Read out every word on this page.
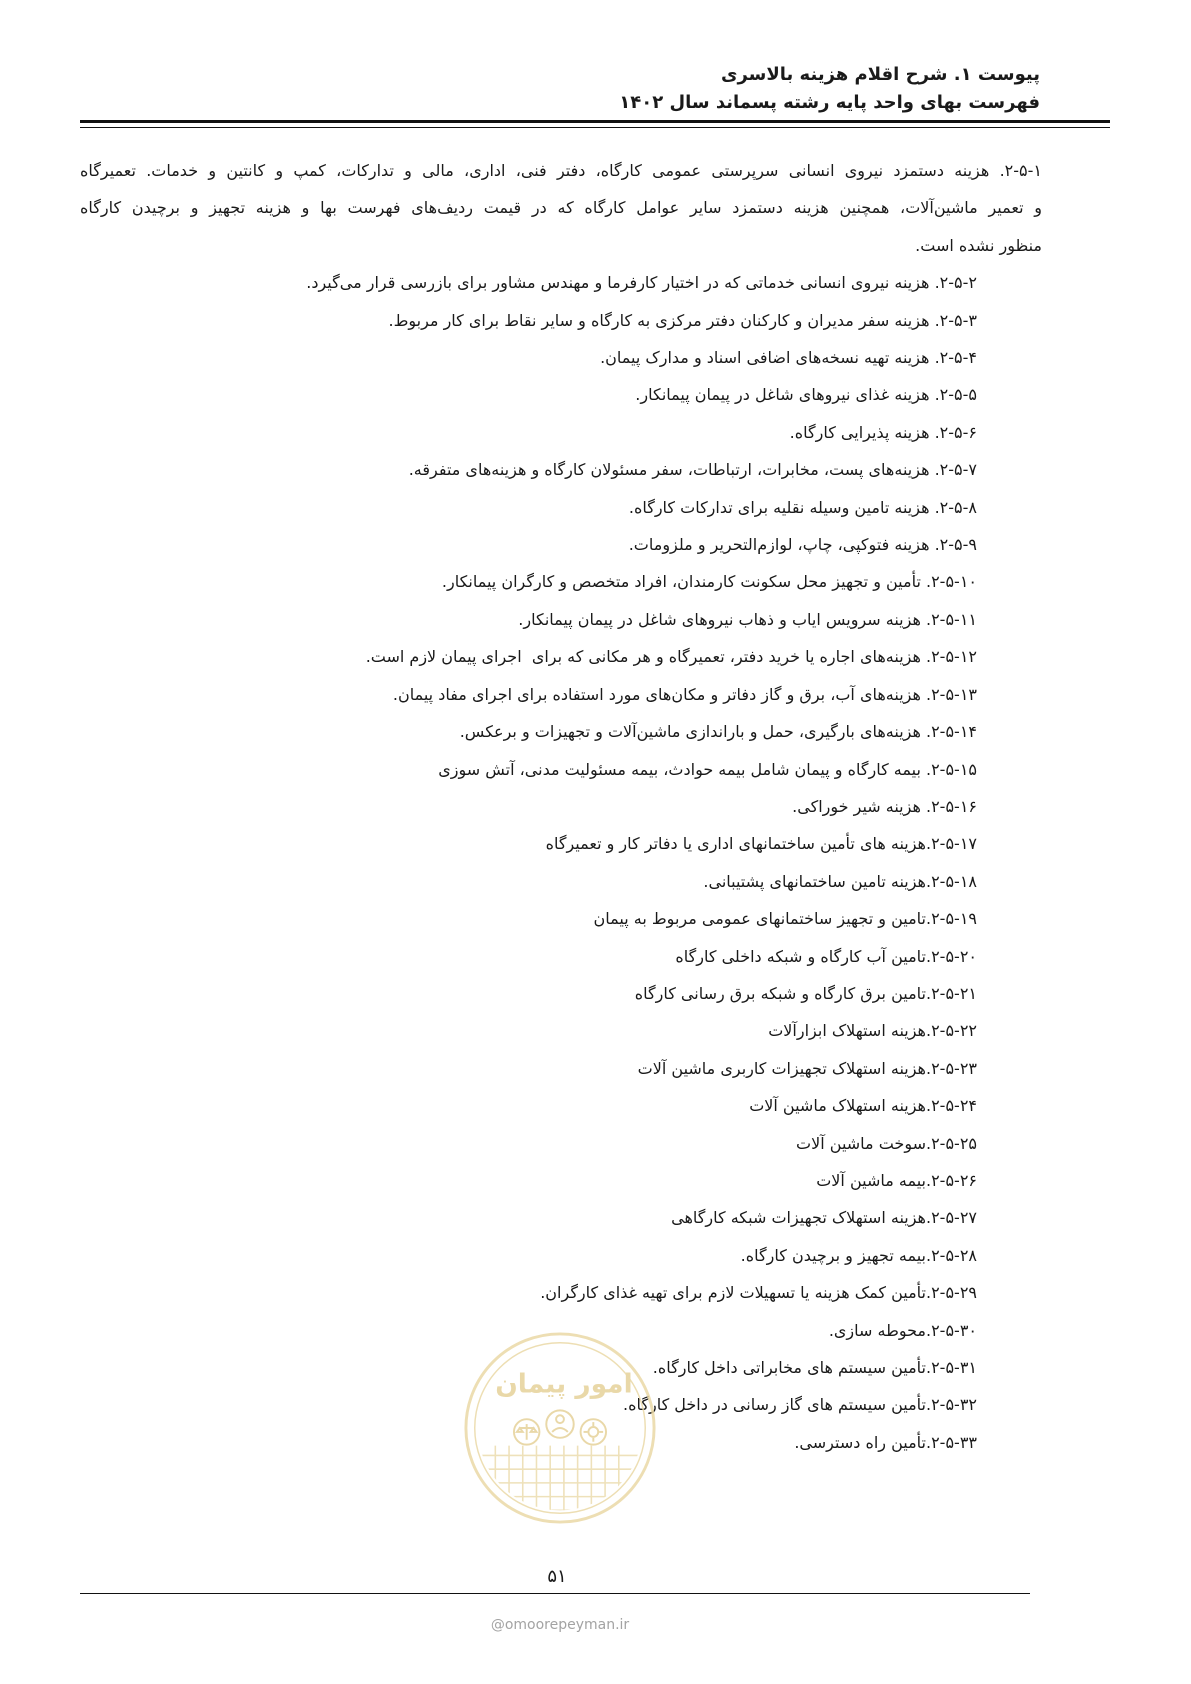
پیوست ۱. شرح اقلام هزینه بالاسری
فهرست بهای واحد پایه رشته پسماند سال ۱۴۰۲
۲-۵-۱. هزینه دستمزد نیروی انسانی سرپرستی عمومی کارگاه، دفتر فنی، اداری، مالی و تدارکات، کمپ و کانتین و خدمات. تعمیرگاه
و تعمیر ماشین‌آلات، همچنین هزینه دستمزد سایر عوامل کارگاه که در قیمت ردیف‌های فهرست بها و هزینه تجهیز و برچیدن کارگاه
منظور نشده است.
۲-۵-۲. هزینه نیروی انسانی خدماتی که در اختیار کارفرما و مهندس مشاور برای بازرسی قرار می‌گیرد.
۲-۵-۳. هزینه سفر مدیران و کارکنان دفتر مرکزی به کارگاه و سایر نقاط برای کار مربوط.
۲-۵-۴. هزینه تهیه نسخه‌های اضافی اسناد و مدارک پیمان.
۲-۵-۵. هزینه غذای نیروهای شاغل در پیمان پیمانکار.
۲-۵-۶. هزینه پذیرایی کارگاه.
۲-۵-۷. هزینه‌های پست، مخابرات، ارتباطات، سفر مسئولان کارگاه و هزینه‌های متفرقه.
۲-۵-۸. هزینه تامین وسیله نقلیه برای تدارکات کارگاه.
۲-۵-۹. هزینه فتوکپی، چاپ، لوازم‌التحریر و ملزومات.
۲-۵-۱۰. تأمین و تجهیز محل سکونت کارمندان، افراد متخصص و کارگران پیمانکار.
۲-۵-۱۱. هزینه سرویس ایاب و ذهاب نیروهای شاغل در پیمان پیمانکار.
۲-۵-۱۲. هزینه‌های اجاره یا خرید دفتر، تعمیرگاه و هر مکانی که برای  اجرای پیمان لازم است.
۲-۵-۱۳. هزینه‌های آب، برق و گاز دفاتر و مکان‌های مورد استفاده برای اجرای مفاد پیمان.
۲-۵-۱۴. هزینه‌های بارگیری، حمل و باراندازی ماشین‌آلات و تجهیزات و برعکس.
۲-۵-۱۵. بیمه کارگاه و پیمان شامل بیمه حوادث، بیمه مسئولیت مدنی، آتش سوزی
۲-۵-۱۶. هزینه شیر خوراکی.
۲-۵-۱۷.هزینه های تأمین ساختمانهای اداری یا دفاتر کار و تعمیرگاه
۲-۵-۱۸.هزینه تامین ساختمانهای پشتیبانی.
۲-۵-۱۹.تامین و تجهیز ساختمانهای عمومی مربوط به پیمان
۲-۵-۲۰.تامین آب کارگاه و شبکه داخلی کارگاه
۲-۵-۲۱.تامین برق کارگاه و شبکه برق رسانی کارگاه
۲-۵-۲۲.هزینه استهلاک ابزارآلات
۲-۵-۲۳.هزینه استهلاک تجهیزات کاربری ماشین آلات
۲-۵-۲۴.هزینه استهلاک ماشین آلات
۲-۵-۲۵.سوخت ماشین آلات
۲-۵-۲۶.بیمه ماشین آلات
۲-۵-۲۷.هزینه استهلاک تجهیزات شبکه کارگاهی
۲-۵-۲۸.بیمه تجهیز و برچیدن کارگاه.
۲-۵-۲۹.تأمین کمک هزینه یا تسهیلات لازم برای تهیه غذای کارگران.
۲-۵-۳۰.محوطه سازی.
۲-۵-۳۱.تأمین سیستم های مخابراتی داخل کارگاه.
۲-۵-۳۲.تأمین سیستم های گاز رسانی در داخل کارگاه.
۲-۵-۳۳.تأمین راه دسترسی.
امور پیمان
۵۱
@omoorepeyman.ir
